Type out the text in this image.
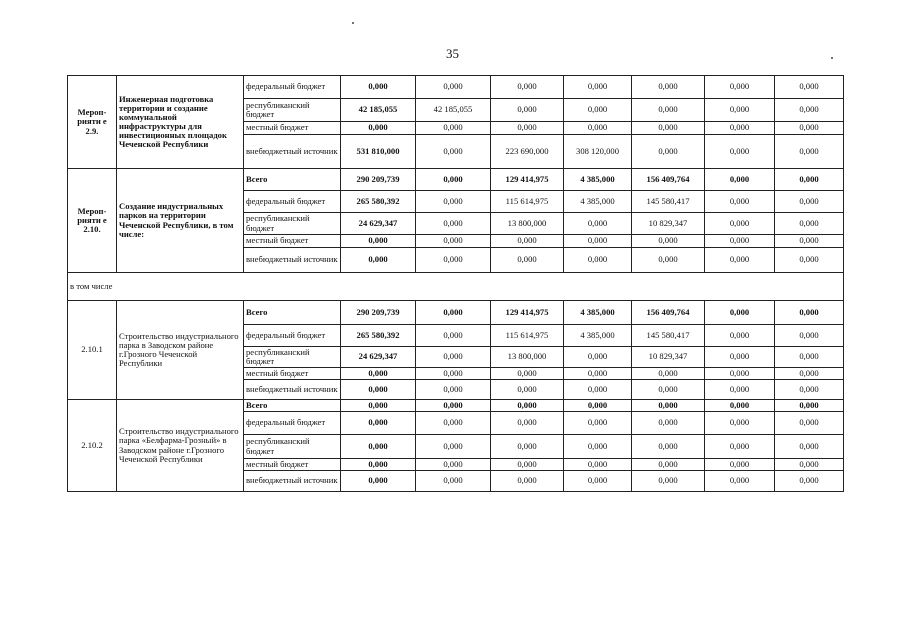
35
Мероприяти е 2.9.	Инженерная подготовка территории и создание коммунальной инфраструктуры для инвестиционных площадок Чеченской Республики	федеральный бюджет	0,000	0,000	0,000	0,000	0,000	0,000	0,000
		республиканский бюджет	42 185,055	42 185,055	0,000	0,000	0,000	0,000	0,000
		местный бюджет	0,000	0,000	0,000	0,000	0,000	0,000	0,000
		внебюджетный источник	531 810,000	0,000	223 690,000	308 120,000	0,000	0,000	0,000
Мероприяти е 2.10.	Создание индустриальных парков на территории Чеченской Республики, в том числе:	Всего	290 209,739	0,000	129 414,975	4 385,000	156 409,764	0,000	0,000
		федеральный бюджет	265 580,392	0,000	115 614,975	4 385,000	145 580,417	0,000	0,000
		республиканский бюджет	24 629,347	0,000	13 800,000	0,000	10 829,347	0,000	0,000
		местный бюджет	0,000	0,000	0,000	0,000	0,000	0,000	0,000
		внебюджетный источник	0,000	0,000	0,000	0,000	0,000	0,000	0,000
в том числе									
2.10.1	Строительство индустриального парка в Заводском районе г.Грозного Чеченской Республики	Всего	290 209,739	0,000	129 414,975	4 385,000	156 409,764	0,000	0,000
		федеральный бюджет	265 580,392	0,000	115 614,975	4 385,000	145 580,417	0,000	0,000
		республиканский бюджет	24 629,347	0,000	13 800,000	0,000	10 829,347	0,000	0,000
		местный бюджет	0,000	0,000	0,000	0,000	0,000	0,000	0,000
		внебюджетный источник	0,000	0,000	0,000	0,000	0,000	0,000	0,000
2.10.2	Строительство индустриального парка «Белфарма-Грозный» в Заводском районе г.Грозного Чеченской Республики	Всего	0,000	0,000	0,000	0,000	0,000	0,000	0,000
		федеральный бюджет	0,000	0,000	0,000	0,000	0,000	0,000	0,000
		республиканский бюджет	0,000	0,000	0,000	0,000	0,000	0,000	0,000
		местный бюджет	0,000	0,000	0,000	0,000	0,000	0,000	0,000
		внебюджетный источник	0,000	0,000	0,000	0,000	0,000	0,000	0,000
